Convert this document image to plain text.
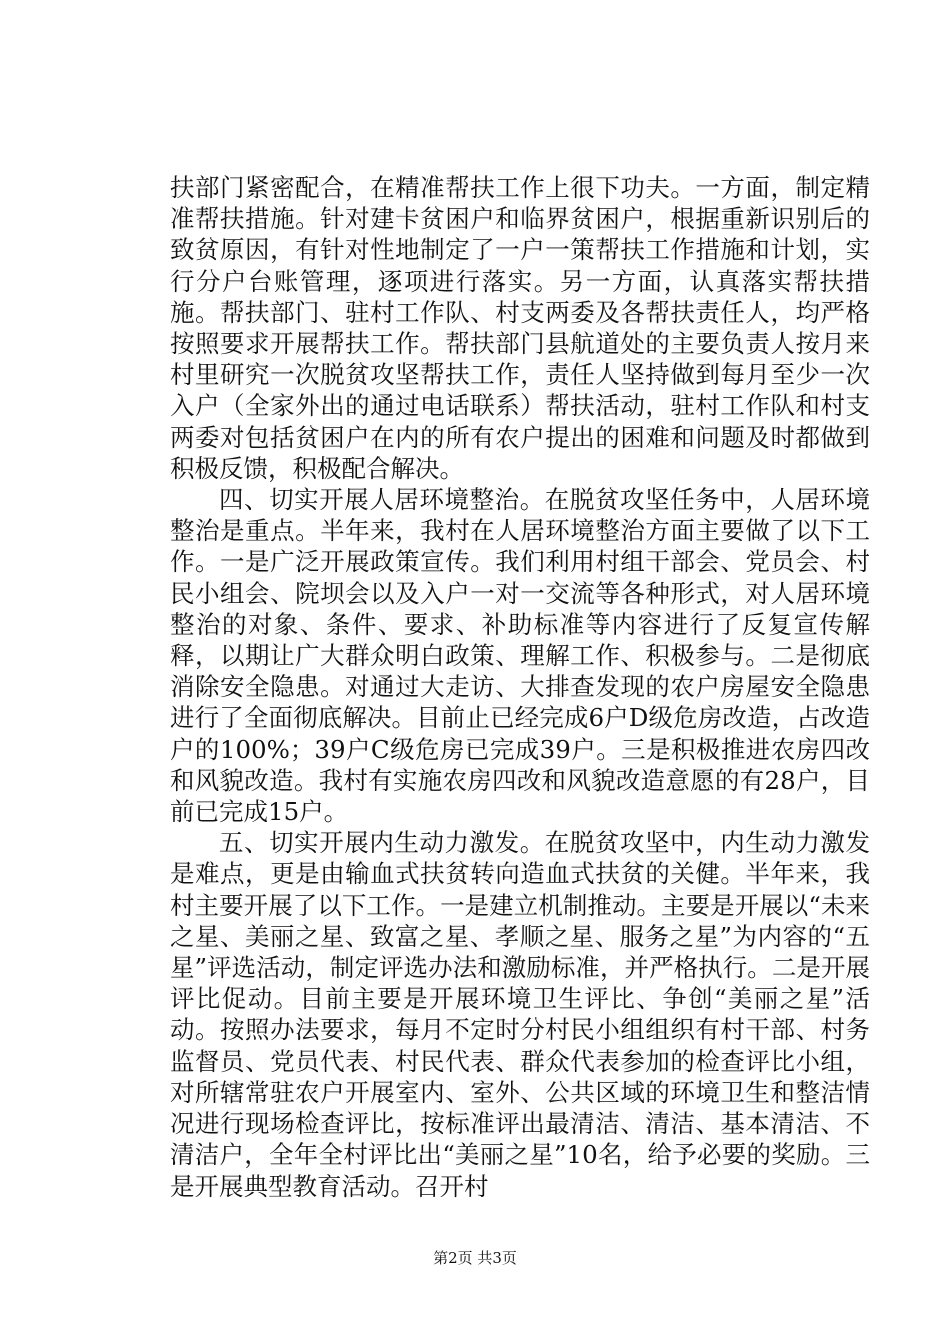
扶部门紧密配合，在精准帮扶工作上很下功夫。一方面，制定精准帮扶措施。针对建卡贫困户和临界贫困户，根据重新识别后的致贫原因，有针对性地制定了一户一策帮扶工作措施和计划，实行分户台账管理，逐项进行落实。另一方面，认真落实帮扶措施。帮扶部门、驻村工作队、村支两委及各帮扶责任人，均严格按照要求开展帮扶工作。帮扶部门县航道处的主要负责人按月来村里研究一次脱贫攻坚帮扶工作，责任人坚持做到每月至少一次入户（全家外出的通过电话联系）帮扶活动，驻村工作队和村支两委对包括贫困户在内的所有农户提出的困难和问题及时都做到积极反馈，积极配合解决。

四、切实开展人居环境整治。在脱贫攻坚任务中，人居环境整治是重点。半年来，我村在人居环境整治方面主要做了以下工作。一是广泛开展政策宣传。我们利用村组干部会、党员会、村民小组会、院坝会以及入户一对一交流等各种形式，对人居环境整治的对象、条件、要求、补助标准等内容进行了反复宣传解释，以期让广大群众明白政策、理解工作、积极参与。二是彻底消除安全隐患。对通过大走访、大排查发现的农户房屋安全隐患进行了全面彻底解决。目前止已经完成6户D级危房改造，占改造户的100%；39户C级危房已完成39户。三是积极推进农房四改和风貌改造。我村有实施农房四改和风貌改造意愿的有28户，目前已完成15户。

五、切实开展内生动力激发。在脱贫攻坚中，内生动力激发是难点，更是由输血式扶贫转向造血式扶贫的关健。半年来，我村主要开展了以下工作。一是建立机制推动。主要是开展以“未来之星、美丽之星、致富之星、孝顺之星、服务之星”为内容的“五星”评选活动，制定评选办法和激励标准，并严格执行。二是开展评比促动。目前主要是开展环境卫生评比、争创“美丽之星”活动。按照办法要求，每月不定时分村民小组组织有村干部、村务监督员、党员代表、村民代表、群众代表参加的检查评比小组，对所辖常驻农户开展室内、室外、公共区域的环境卫生和整洁情况进行现场检查评比，按标准评出最清洁、清洁、基本清洁、不清洁户，全年全村评比出“美丽之星”10名，给予必要的奖励。三是开展典型教育活动。召开村

第2页 共3页
